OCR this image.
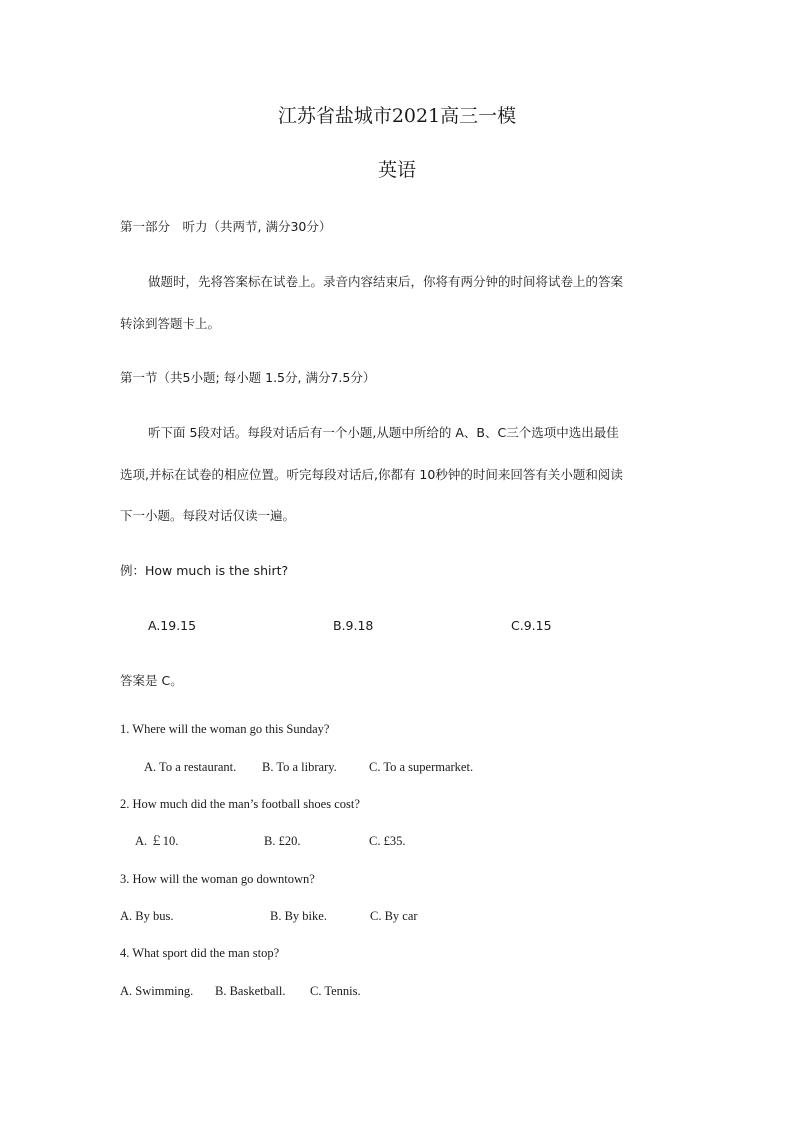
江苏省盐城市2021高三一模
英语
第一部分　听力（共两节, 满分30分）
做题时，先将答案标在试卷上。录音内容结束后，你将有两分钟的时间将试卷上的答案
转涂到答题卡上。
第一节（共5小题; 每小题 1.5分, 满分7.5分）
听下面 5段对话。每段对话后有一个小题,从题中所给的 A、B、C三个选项中选出最佳
选项,并标在试卷的相应位置。听完每段对话后,你都有 10秒钟的时间来回答有关小题和阅读
下一小题。每段对话仅读一遍。
例：How much is the shirt?
A.19.15	B.9.18	C.9.15
答案是 C。
1. Where will the woman go this Sunday?
A. To a restaurant. B. To a library.	C. To a supermarket.
2. How much did the man’s football shoes cost?
A. ￡10.	B. £20.	C. £35.
3. How will the woman go downtown?
A. By bus.	B. By bike.	C. By car
4. What sport did the man stop?
A. Swimming. B. Basketball. C. Tennis.
